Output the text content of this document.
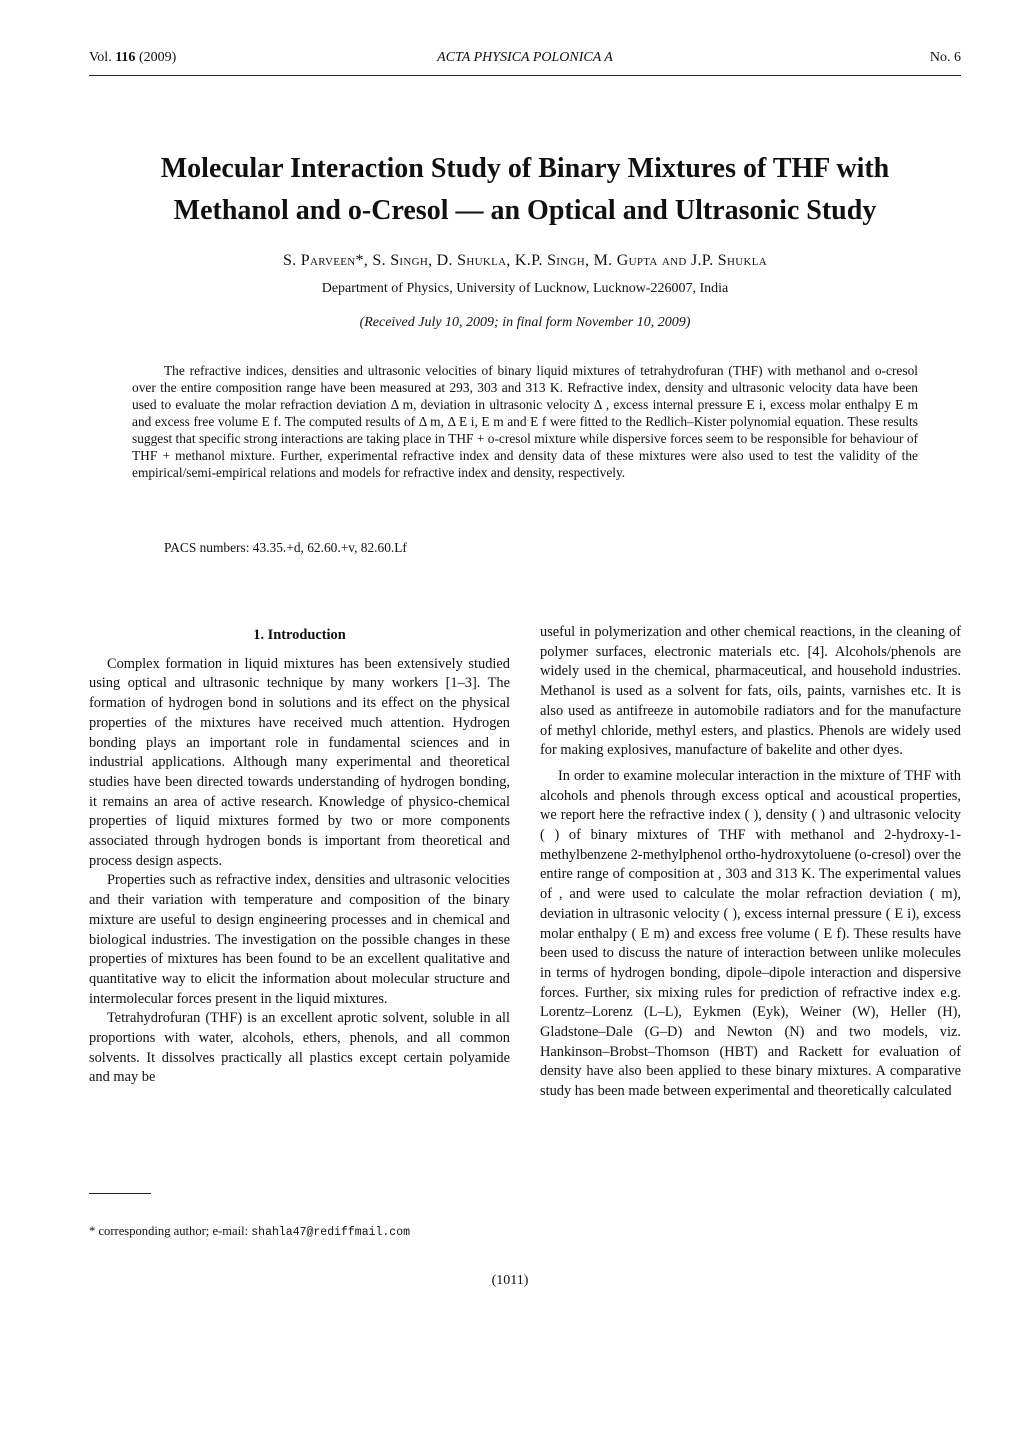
Vol. 116 (2009)	ACTA PHYSICA POLONICA A	No. 6
Molecular Interaction Study of Binary Mixtures of THF with
Methanol and o-Cresol — an Optical and Ultrasonic Study
S. Parveen*, S. Singh, D. Shukla, K.P. Singh, M. Gupta and J.P. Shukla
Department of Physics, University of Lucknow, Lucknow-226007, India
(Received July 10, 2009; in final form November 10, 2009)
The refractive indices, densities and ultrasonic velocities of binary liquid mixtures of tetrahydrofuran (THF) with methanol and o-cresol over the entire composition range have been measured at 293, 303 and 313 K. Refractive index, density and ultrasonic velocity data have been used to evaluate the molar refraction deviation Δ m, deviation in ultrasonic velocity Δ , excess internal pressure E i, excess molar enthalpy E m and excess free volume E f. The computed results of Δ m, Δ E i, E m and E f were fitted to the Redlich–Kister polynomial equation. These results suggest that specific strong interactions are taking place in THF + o-cresol mixture while dispersive forces seem to be responsible for behaviour of THF + methanol mixture. Further, experimental refractive index and density data of these mixtures were also used to test the validity of the empirical/semi-empirical relations and models for refractive index and density, respectively.
PACS numbers: 43.35.+d, 62.60.+v, 82.60.Lf
1. Introduction

Complex formation in liquid mixtures has been extensively studied using optical and ultrasonic technique by many workers [1–3]. The formation of hydrogen bond in solutions and its effect on the physical properties of the mixtures have received much attention. Hydrogen bonding plays an important role in fundamental sciences and in industrial applications. Although many experimental and theoretical studies have been directed towards understanding of hydrogen bonding, it remains an area of active research. Knowledge of physico-chemical properties of liquid mixtures formed by two or more components associated through hydrogen bonds is important from theoretical and process design aspects.

Properties such as refractive index, densities and ultrasonic velocities and their variation with temperature and composition of the binary mixture are useful to design engineering processes and in chemical and biological industries. The investigation on the possible changes in these properties of mixtures has been found to be an excellent qualitative and quantitative way to elicit the information about molecular structure and intermolecular forces present in the liquid mixtures.

Tetrahydrofuran (THF) is an excellent aprotic solvent, soluble in all proportions with water, alcohols, ethers, phenols, and all common solvents. It dissolves practically all plastics except certain polyamide and may be

useful in polymerization and other chemical reactions, in the cleaning of polymer surfaces, electronic materials etc. [4]. Alcohols/phenols are widely used in the chemical, pharmaceutical, and household industries. Methanol is used as a solvent for fats, oils, paints, varnishes etc. It is also used as antifreeze in automobile radiators and for the manufacture of methyl chloride, methyl esters, and plastics. Phenols are widely used for making explosives, manufacture of bakelite and other dyes.

In order to examine molecular interaction in the mixture of THF with alcohols and phenols through excess optical and acoustical properties, we report here the refractive index ( ), density ( ) and ultrasonic velocity ( ) of binary mixtures of THF with methanol and 2-hydroxy-1-methylbenzene 2-methylphenol ortho-hydroxytoluene (o-cresol) over the entire range of composition at , 303 and 313 K. The experimental values of , and were used to calculate the molar refraction deviation ( m), deviation in ultrasonic velocity ( ), excess internal pressure ( E i), excess molar enthalpy ( E m) and excess free volume ( E f). These results have been used to discuss the nature of interaction between unlike molecules in terms of hydrogen bonding, dipole–dipole interaction and dispersive forces. Further, six mixing rules for prediction of refractive index e.g. Lorentz–Lorenz (L–L), Eykmen (Eyk), Weiner (W), Heller (H), Gladstone–Dale (G–D) and Newton (N) and two models, viz. Hankinson–Brobst–Thomson (HBT) and Rackett for evaluation of density have also been applied to these binary mixtures. A comparative study has been made between experimental and theoretically calculated

* corresponding author; e-mail: shahla47@rediffmail.com
(1011)
